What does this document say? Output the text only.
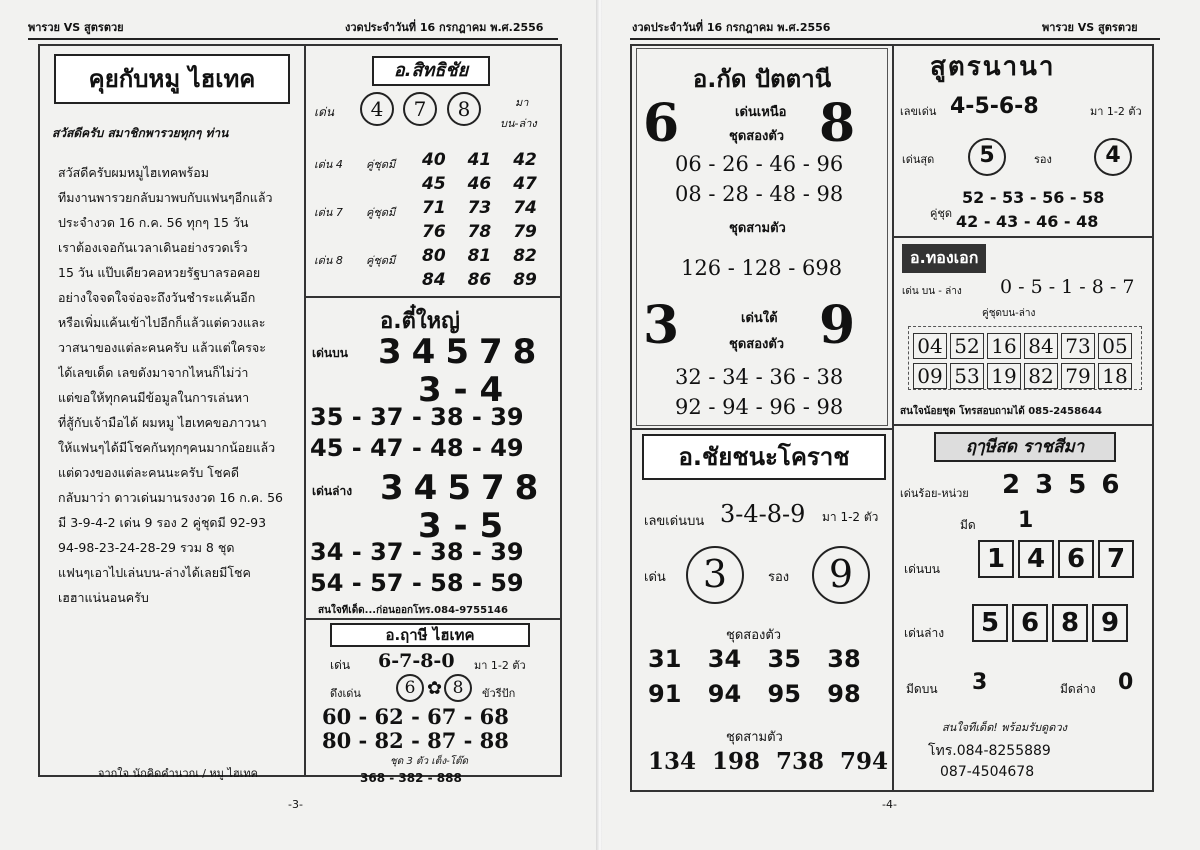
พารวย VS สูตรตวย	งวดประจำวันที่ 16 กรกฎาคม พ.ศ.2556
คุยกับหมู ไฮเทค
สวัสดีครับ สมาชิกพารวยทุกๆ ท่าน
สวัสดีครับผมหมูไฮเทคพร้อม
ทีมงานพารวยกลับมาพบกับแฟนๆอีกแล้ว
ประจำงวด 16 ก.ค. 56 ทุกๆ 15 วัน
เราต้องเจอกันเวลาเดินอย่างรวดเร็ว
15 วัน แป๊บเดียวคอหวยรัฐบาลรอคอย
อย่างใจจดใจจ่อจะถึงวันชำระแค้นอีก
หรือเพิ่มแค้นเข้าไปอีกก็แล้วแต่ดวงและ
วาสนาของแต่ละคนครับ แล้วแต่ใครจะ
ได้เลขเด็ด เลขดังมาจากไหนก็ไม่ว่า
แต่ขอให้ทุกคนมีข้อมูลในการเล่นหา
ที่สู้กับเจ้ามือได้ ผมหมู ไฮเทคขอภาวนา
ให้แฟนๆได้มีโชคกันทุกๆคนมากน้อยแล้ว
แต่ดวงของแต่ละคนนะครับ โชคดี
กลับมาว่า ดาวเด่นมานรงงวด 16 ก.ค. 56
มี 3-9-4-2 เด่น 9 รอง 2 คู่ชุดมี 92-93
94-98-23-24-28-29 รวม 8 ชุด
แฟนๆเอาไปเล่นบน-ล่างได้เลยมีโชค
เฮฮาแน่นอนครับ
จากใจ นักคิดคำนวณ / หมู ไฮเทค
อ.สิทธิชัย
เด่น	4	7	8	มา
บน-ล่าง
เด่น 4 คู่ชุดมี 40 41 42
45 46 47
เด่น 7 คู่ชุดมี 71 73 74
76 78 79
เด่น 8 คู่ชุดมี 80 81 82
84 86 89
อ.ตี๋ใหญ่
เด่นบน 34578
3 - 4
35 - 37 - 38 - 39
45 - 47 - 48 - 49
เด่นล่าง 34578
3 - 5
34 - 37 - 38 - 39
54 - 57 - 58 - 59
สนใจทีเด็ด...ก่อนออกโทร.084-9755146
อ.ฤาษี ไฮเทค
เด่น 6-7-8-0 มา 1-2 ตัว
ดึงเด่น	6 ✿ 8	ขัวรีปัก
60 - 62 - 67 - 68
80 - 82 - 87 - 88
ชุด 3 ตัว เต็ง-โต๊ด
368 - 382 - 888
-3-
งวดประจำวันที่ 16 กรกฎาคม พ.ศ.2556	พารวย VS สูตรตวย
อ.กัด ปัตตานี
6	8
เด่นเหนือ
ชุดสองตัว
06 - 26 - 46 - 96
08 - 28 - 48 - 98
ชุดสามตัว
126 - 128 - 698
3	9
เด่นใต้
ชุดสองตัว
32 - 34 - 36 - 38
92 - 94 - 96 - 98
สูตรนานา
เลขเด่น 4-5-6-8	มา 1-2 ตัว
เด่นสุด	5	รอง	4
คู่ชุด
52 - 53 - 56 - 58
42 - 43 - 46 - 48
อ.ทองเอก
เด่น บน - ล่าง 0 - 5 - 1 - 8 - 7
คู่ชุดบน-ล่าง
04 52 16 84 73 05
09 53 19 82 79 18
สนใจน้อยชุด โทรสอบถามได้ 085-2458644
อ.ชัยชนะโคราช
เลขเด่นบน 3-4-8-9 มา 1-2 ตัว
เด่น 3	รอง	9
ชุดสองตัว
31 34 35 38
91 94 95 98
ชุดสามตัว
134 198 738 794
ฤๅษีสด ราชสีมา
เด่นร้อย-หน่วย 2 3 5 6
มีด 1
เด่นบน	1 4 6 7
เด่นล่าง	5 6 8 9
มีดบน 3	มีดล่าง 0
สนใจทีเด็ด! พร้อมรับดูดวง
โทร.084-8255889
087-4504678
-4-
